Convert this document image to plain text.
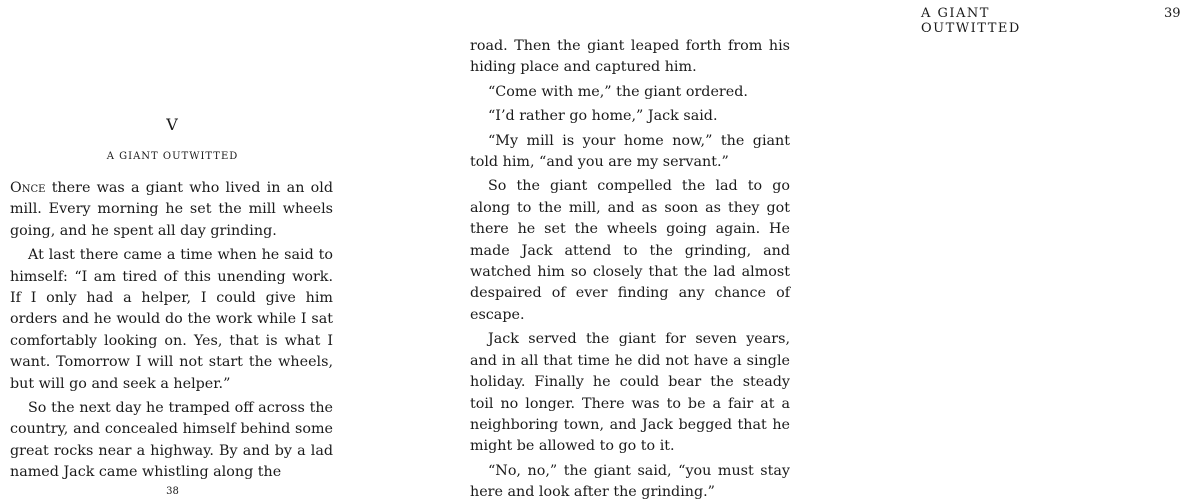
V
A GIANT OUTWITTED

Once there was a giant who lived in an old mill. Every morning he set the mill wheels going, and he spent all day grinding.

At last there came a time when he said to himself: “I am tired of this unending work. If I only had a helper, I could give him orders and he would do the work while I sat comfortably looking on. Yes, that is what I want. Tomorrow I will not start the wheels, but will go and seek a helper.”

So the next day he tramped off across the country, and concealed himself behind some great rocks near a highway. By and by a lad named Jack came whistling along the

38
A GIANT OUTWITTED
39

road. Then the giant leaped forth from his hiding place and captured him.

“Come with me,” the giant ordered.

“I’d rather go home,” Jack said.

“My mill is your home now,” the giant told him, “and you are my servant.”

So the giant compelled the lad to go along to the mill, and as soon as they got there he set the wheels going again. He made Jack attend to the grinding, and watched him so closely that the lad almost despaired of ever finding any chance of escape.

Jack served the giant for seven years, and in all that time he did not have a single holiday. Finally he could bear the steady toil no longer. There was to be a fair at a neighboring town, and Jack begged that he might be allowed to go to it.

“No, no,” the giant said, “you must stay here and look after the grinding.”
